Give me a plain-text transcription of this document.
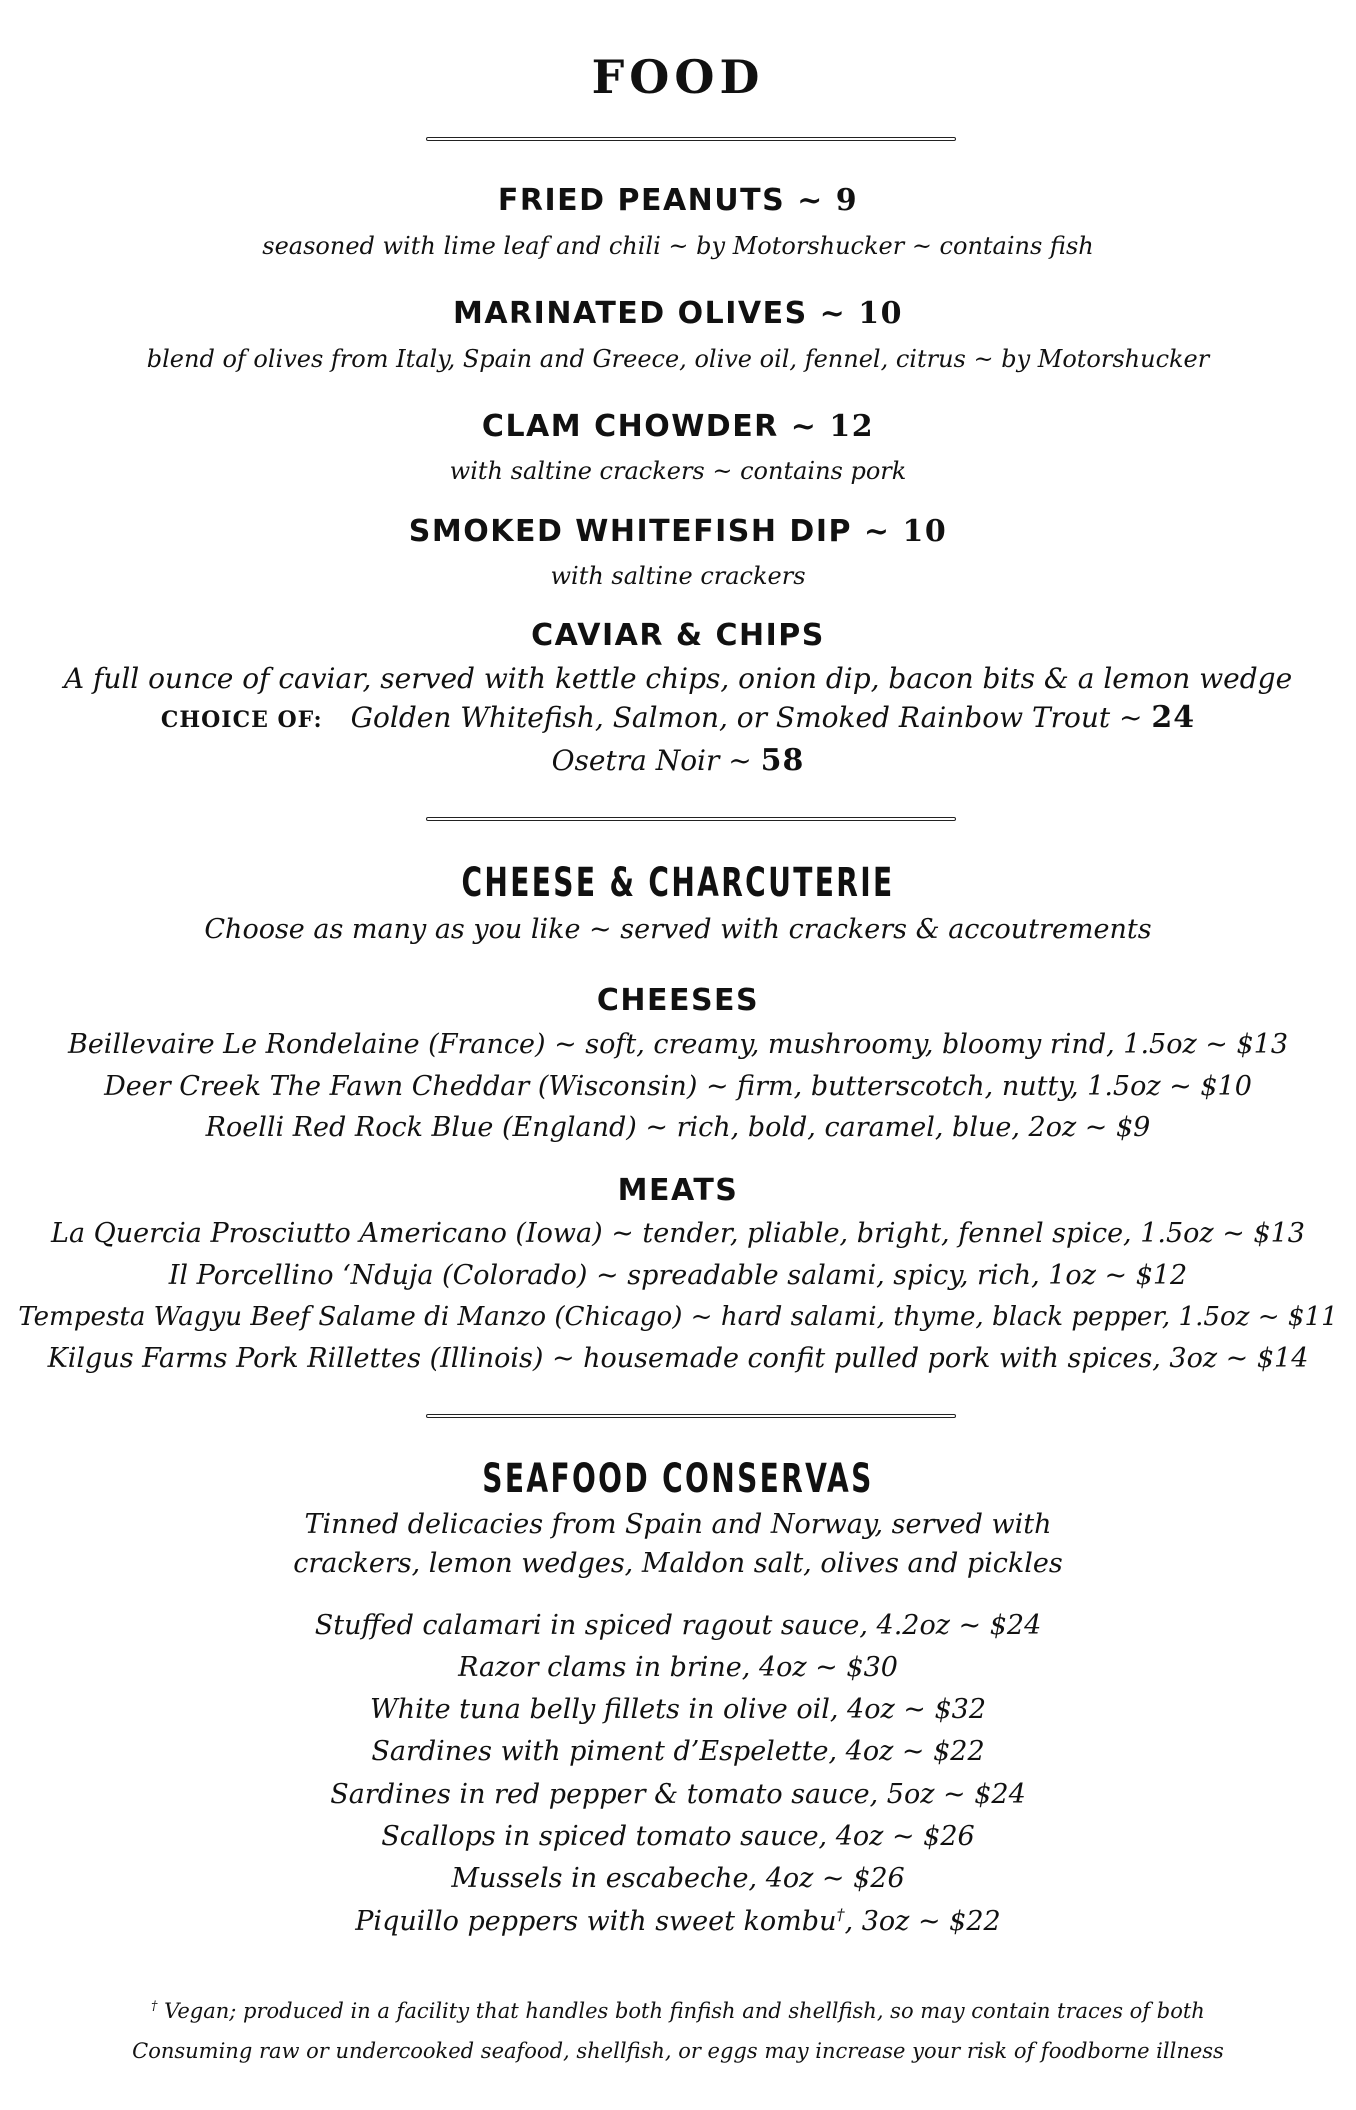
FOOD
FRIED PEANUTS ~ 9
seasoned with lime leaf and chili ~ by Motorshucker ~ contains fish
MARINATED OLIVES ~ 10
blend of olives from Italy, Spain and Greece, olive oil, fennel, citrus ~ by Motorshucker
CLAM CHOWDER ~ 12
with saltine crackers ~ contains pork
SMOKED WHITEFISH DIP ~ 10
with saltine crackers
CAVIAR & CHIPS
A full ounce of caviar, served with kettle chips, onion dip, bacon bits & a lemon wedge
CHOICE OF: Golden Whitefish, Salmon, or Smoked Rainbow Trout ~ 24
Osetra Noir ~ 58
CHEESE & CHARCUTERIE
Choose as many as you like ~ served with crackers & accoutrements
CHEESES
Beillevaire Le Rondelaine (France) ~ soft, creamy, mushroomy, bloomy rind, 1.5oz ~ $13
Deer Creek The Fawn Cheddar (Wisconsin) ~ firm, butterscotch, nutty, 1.5oz ~ $10
Roelli Red Rock Blue (England) ~ rich, bold, caramel, blue, 2oz ~ $9
MEATS
La Quercia Prosciutto Americano (Iowa) ~ tender, pliable, bright, fennel spice, 1.5oz ~ $13
Il Porcellino ‘Nduja (Colorado) ~ spreadable salami, spicy, rich, 1oz ~ $12
Tempesta Wagyu Beef Salame di Manzo (Chicago) ~ hard salami, thyme, black pepper, 1.5oz ~ $11
Kilgus Farms Pork Rillettes (Illinois) ~ housemade confit pulled pork with spices, 3oz ~ $14
SEAFOOD CONSERVAS
Tinned delicacies from Spain and Norway, served with
crackers, lemon wedges, Maldon salt, olives and pickles
Stuffed calamari in spiced ragout sauce, 4.2oz ~ $24
Razor clams in brine, 4oz ~ $30
White tuna belly fillets in olive oil, 4oz ~ $32
Sardines with piment d’Espelette, 4oz ~ $22
Sardines in red pepper & tomato sauce, 5oz ~ $24
Scallops in spiced tomato sauce, 4oz ~ $26
Mussels in escabeche, 4oz ~ $26
Piquillo peppers with sweet kombu†, 3oz ~ $22
† Vegan; produced in a facility that handles both finfish and shellfish, so may contain traces of both
Consuming raw or undercooked seafood, shellfish, or eggs may increase your risk of foodborne illness
